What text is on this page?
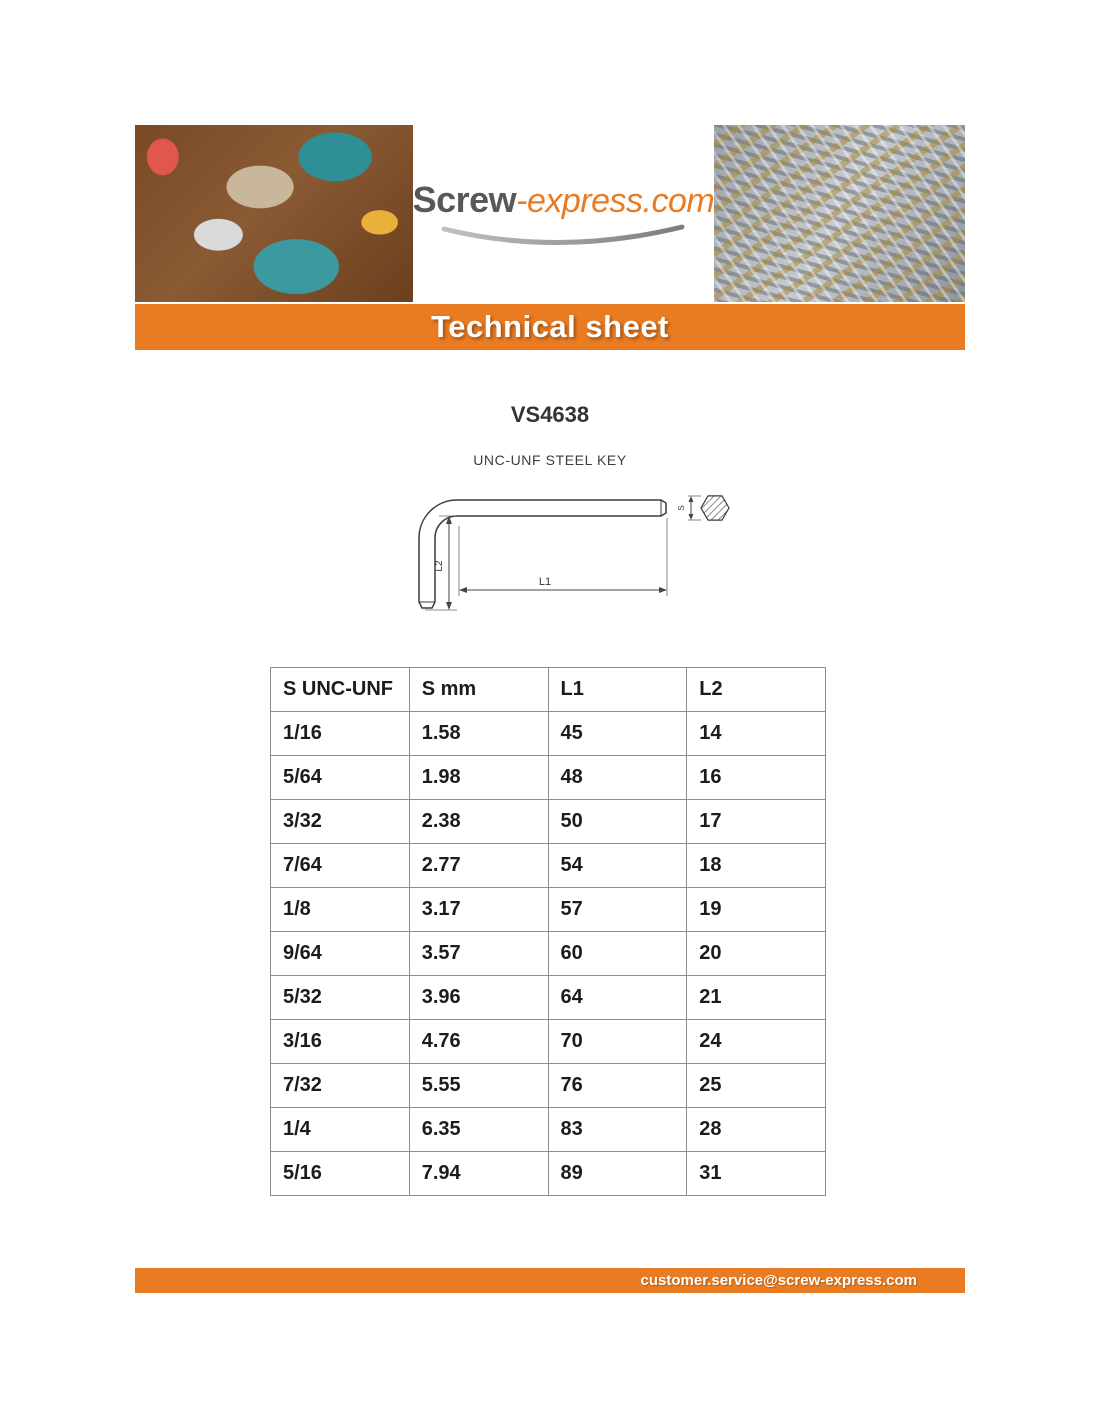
Screw-express.com
Technical sheet
VS4638
UNC-UNF STEEL KEY
L2
L1
S
S UNC-UNF	S mm	L1	L2
1/16	1.58	45	14
5/64	1.98	48	16
3/32	2.38	50	17
7/64	2.77	54	18
1/8	3.17	57	19
9/64	3.57	60	20
5/32	3.96	64	21
3/16	4.76	70	24
7/32	5.55	76	25
1/4	6.35	83	28
5/16	7.94	89	31
customer.service@screw-express.com
